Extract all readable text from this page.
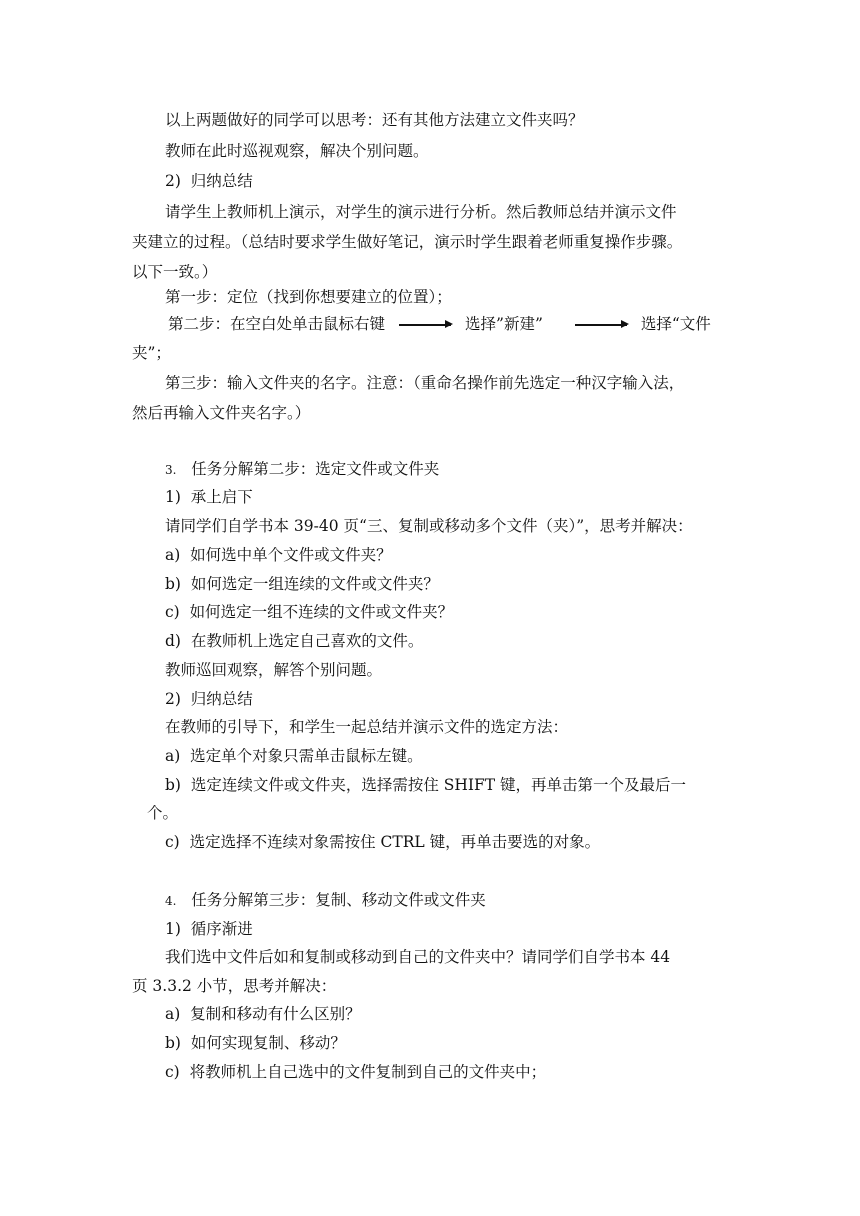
以上两题做好的同学可以思考：还有其他方法建立文件夹吗？
教师在此时巡视观察，解决个别问题。
2) 归纳总结
请学生上教师机上演示，对学生的演示进行分析。然后教师总结并演示文件
夹建立的过程。（总结时要求学生做好笔记，演示时学生跟着老师重复操作步骤。
以下一致。）
第一步：定位（找到你想要建立的位置）；
第二步：在空白处单击鼠标右键	选择”新建”	选择“文件
夹”；
第三步：输入文件夹的名字。注意：（重命名操作前先选定一种汉字输入法，
然后再输入文件夹名字。）
3. 任务分解第二步：选定文件或文件夹
1) 承上启下
请同学们自学书本 39-40 页“三、复制或移动多个文件（夹）”，思考并解决：
a) 如何选中单个文件或文件夹？
b) 如何选定一组连续的文件或文件夹？
c) 如何选定一组不连续的文件或文件夹？
d) 在教师机上选定自己喜欢的文件。
教师巡回观察，解答个别问题。
2) 归纳总结
在教师的引导下，和学生一起总结并演示文件的选定方法：
a) 选定单个对象只需单击鼠标左键。
b) 选定连续文件或文件夹，选择需按住 SHIFT 键，再单击第一个及最后一
个。
c) 选定选择不连续对象需按住 CTRL 键，再单击要选的对象。
4. 任务分解第三步：复制、移动文件或文件夹
1) 循序渐进
我们选中文件后如和复制或移动到自己的文件夹中？请同学们自学书本 44
页 3.3.2 小节，思考并解决：
a) 复制和移动有什么区别？
b) 如何实现复制、移动？
c) 将教师机上自己选中的文件复制到自己的文件夹中；
